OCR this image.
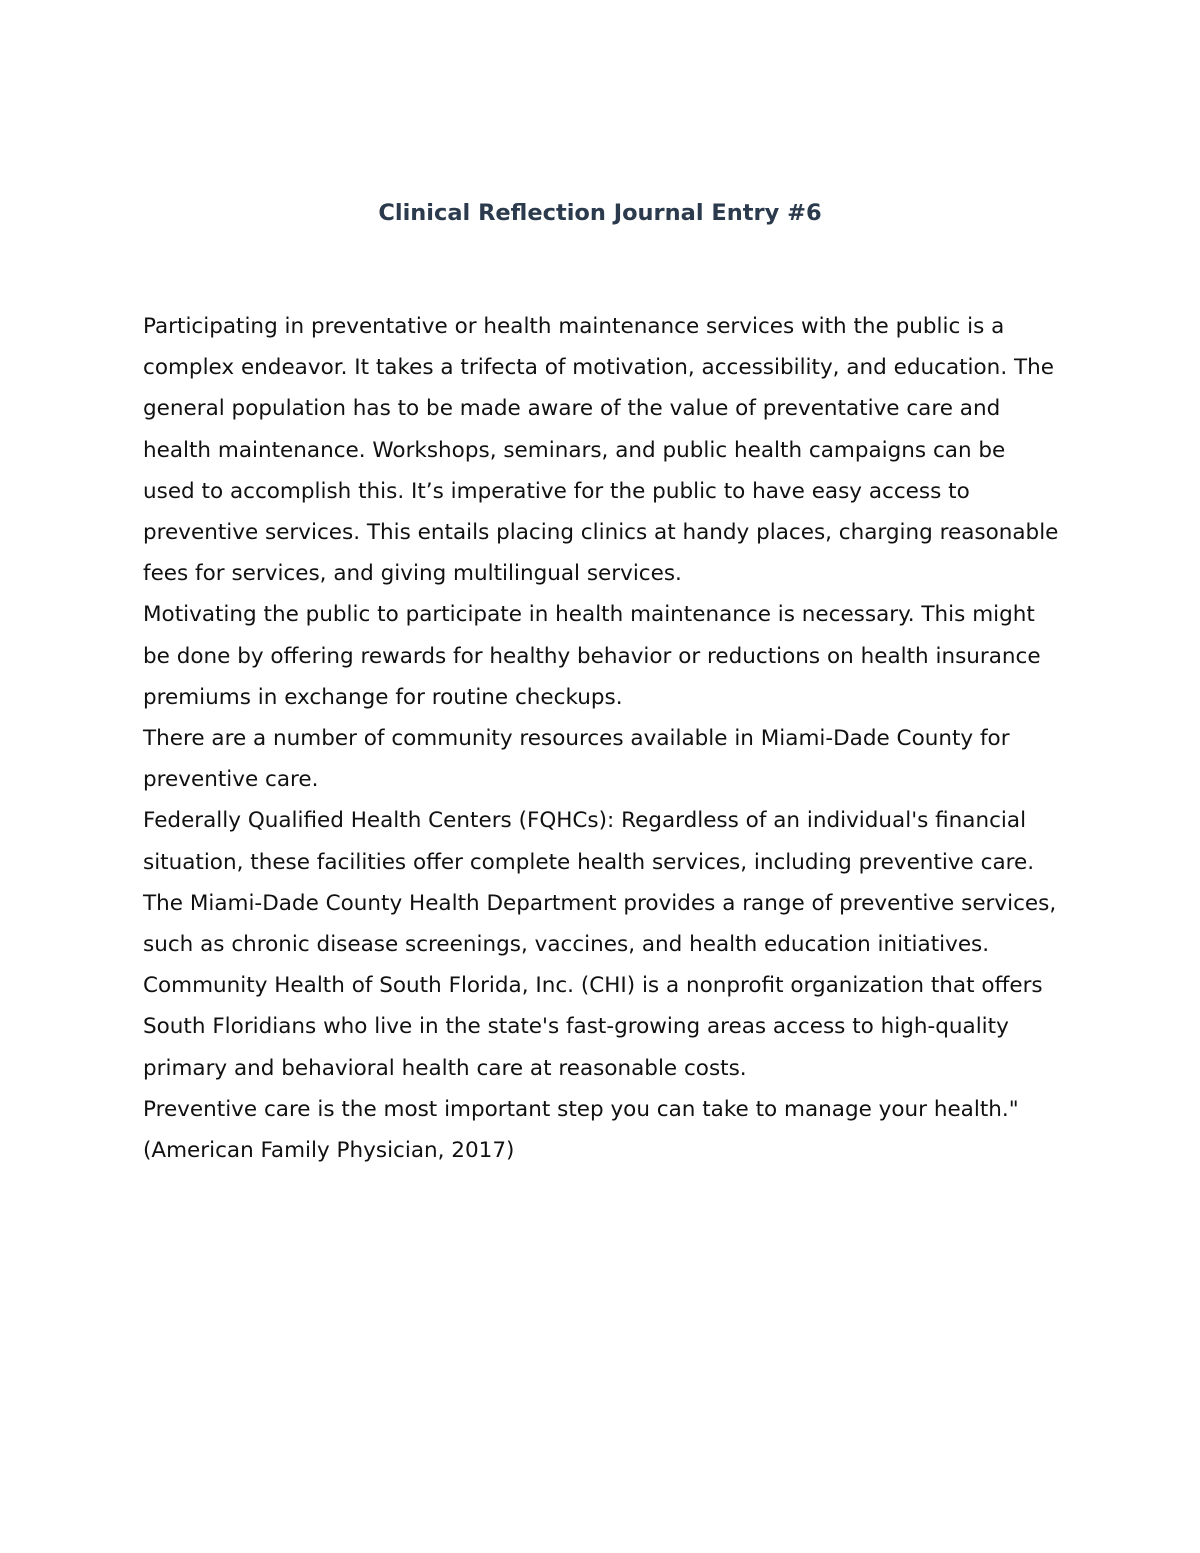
Clinical Reflection Journal Entry #6

Participating in preventative or health maintenance services with the public is a complex endeavor. It takes a trifecta of motivation, accessibility, and education. The general population has to be made aware of the value of preventative care and health maintenance. Workshops, seminars, and public health campaigns can be used to accomplish this. It’s imperative for the public to have easy access to preventive services. This entails placing clinics at handy places, charging reasonable fees for services, and giving multilingual services.

Motivating the public to participate in health maintenance is necessary. This might be done by offering rewards for healthy behavior or reductions on health insurance premiums in exchange for routine checkups.

There are a number of community resources available in Miami-Dade County for preventive care.

Federally Qualified Health Centers (FQHCs): Regardless of an individual's financial situation, these facilities offer complete health services, including preventive care.

The Miami-Dade County Health Department provides a range of preventive services, such as chronic disease screenings, vaccines, and health education initiatives.

Community Health of South Florida, Inc. (CHI) is a nonprofit organization that offers South Floridians who live in the state's fast-growing areas access to high-quality primary and behavioral health care at reasonable costs.

Preventive care is the most important step you can take to manage your health." (American Family Physician, 2017)
